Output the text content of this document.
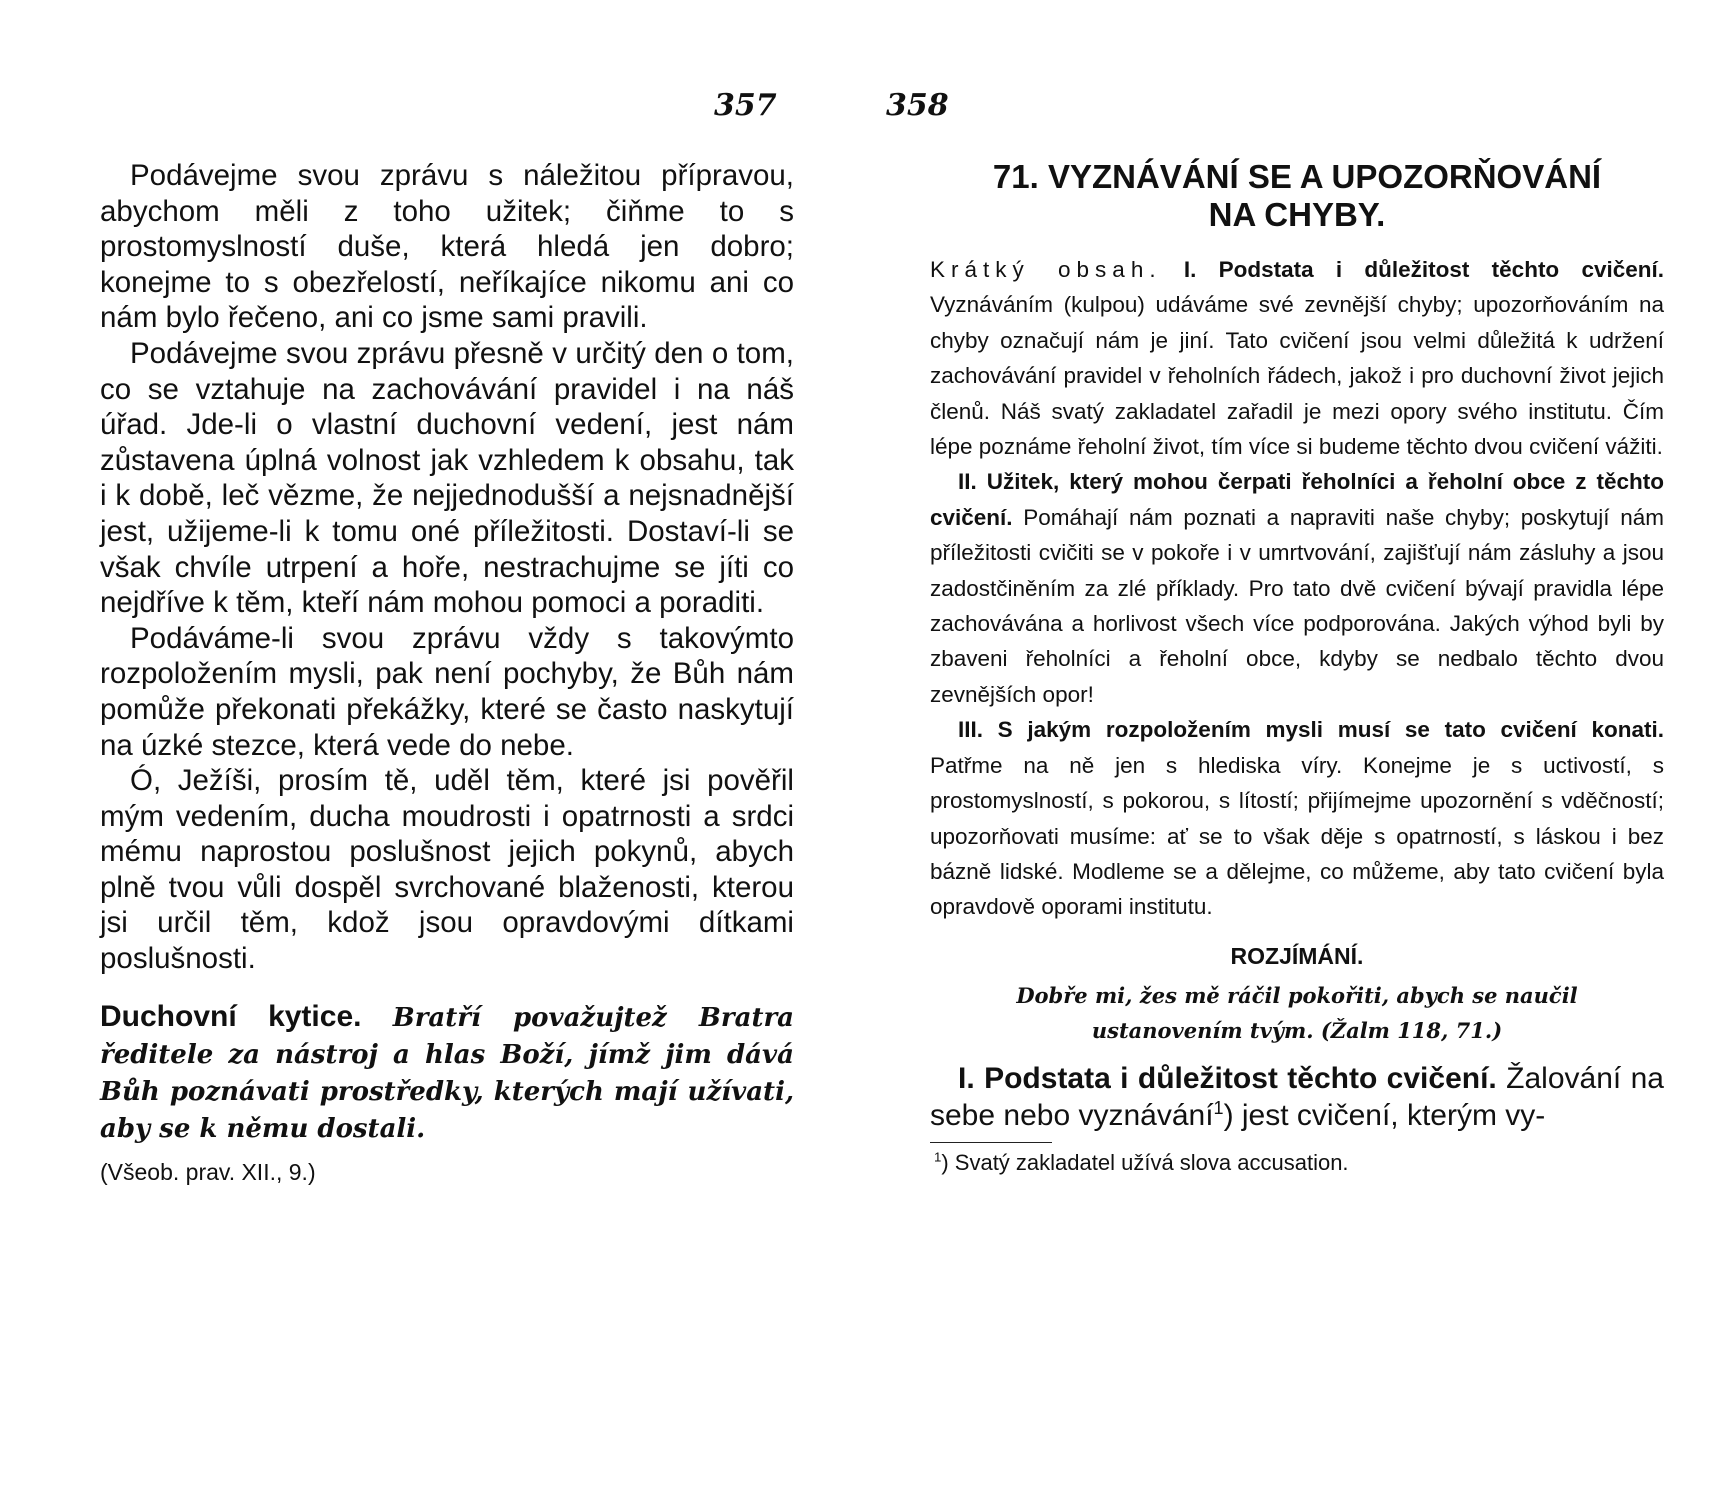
357

Podávejme svou zprávu s náležitou přípravou, abychom měli z toho užitek; čiňme to s prostomyslností duše, která hledá jen dobro; konejme to s obezřelostí, neříkajíce nikomu ani co nám bylo řečeno, ani co jsme sami pravili.

Podávejme svou zprávu přesně v určitý den o tom, co se vztahuje na zachovávání pravidel i na náš úřad. Jde-li o vlastní duchovní vedení, jest nám zůstavena úplná volnost jak vzhledem k obsahu, tak i k době, leč vězme, že nejjednodušší a nejsnadnější jest, užijeme-li k tomu oné příležitosti. Dostaví-li se však chvíle utrpení a hoře, nestrachujme se jíti co nejdříve k těm, kteří nám mohou pomoci a poraditi.

Podáváme-li svou zprávu vždy s takovýmto rozpoložením mysli, pak není pochyby, že Bůh nám pomůže překonati překážky, které se často naskytují na úzké stezce, která vede do nebe.

Ó, Ježíši, prosím tě, uděl těm, které jsi pověřil mým vedením, ducha moudrosti i opatrnosti a srdci mému naprostou poslušnost jejich pokynů, abych plně tvou vůli dospěl svrchované blaženosti, kterou jsi určil těm, kdož jsou opravdovými dítkami poslušnosti.

Duchovní kytice. Bratří považujtež Bratra ředitele za nástroj a hlas Boží, jímž jim dává Bůh poznávati prostředky, kterých mají užívati, aby se k němu dostali.

(Všeob. prav. XII., 9.)

358
71. VYZNÁVÁNÍ SE A UPOZORŇOVÁNÍ
NA CHYBY.

Krátký obsah. I. Podstata i důležitost těchto cvičení. Vyznáváním (kulpou) udáváme své zevnější chyby; upozorňováním na chyby označují nám je jiní. Tato cvičení jsou velmi důležitá k udržení zachovávání pravidel v řeholních řádech, jakož i pro duchovní život jejich členů. Náš svatý zakladatel zařadil je mezi opory svého institutu. Čím lépe poznáme řeholní život, tím více si budeme těchto dvou cvičení vážiti.

II. Užitek, který mohou čerpati řeholníci a řeholní obce z těchto cvičení. Pomáhají nám poznati a napraviti naše chyby; poskytují nám příležitosti cvičiti se v pokoře i v umrtvování, zajišťují nám zásluhy a jsou zadostčiněním za zlé příklady. Pro tato dvě cvičení bývají pravidla lépe zachovávána a horlivost všech více podporována. Jakých výhod byli by zbaveni řeholníci a řeholní obce, kdyby se nedbalo těchto dvou zevnějších opor!

III. S jakým rozpoložením mysli musí se tato cvičení konati. Patřme na ně jen s hlediska víry. Konejme je s uctivostí, s prostomyslností, s pokorou, s lítostí; přijímejme upozornění s vděčností; upozorňovati musíme: ať se to však děje s opatrností, s láskou i bez bázně lidské. Modleme se a dělejme, co můžeme, aby tato cvičení byla opravdově oporami institutu.

ROZJÍMÁNÍ.
Dobře mi, žes mě ráčil pokořiti, abych se naučil
ustanovením tvým. (Žalm 118, 71.)

I. Podstata i důležitost těchto cvičení. Žalování na sebe nebo vyznávání$^1$) jest cvičení, kterým vy-

$^1$) Svatý zakladatel užívá slova accusation.
